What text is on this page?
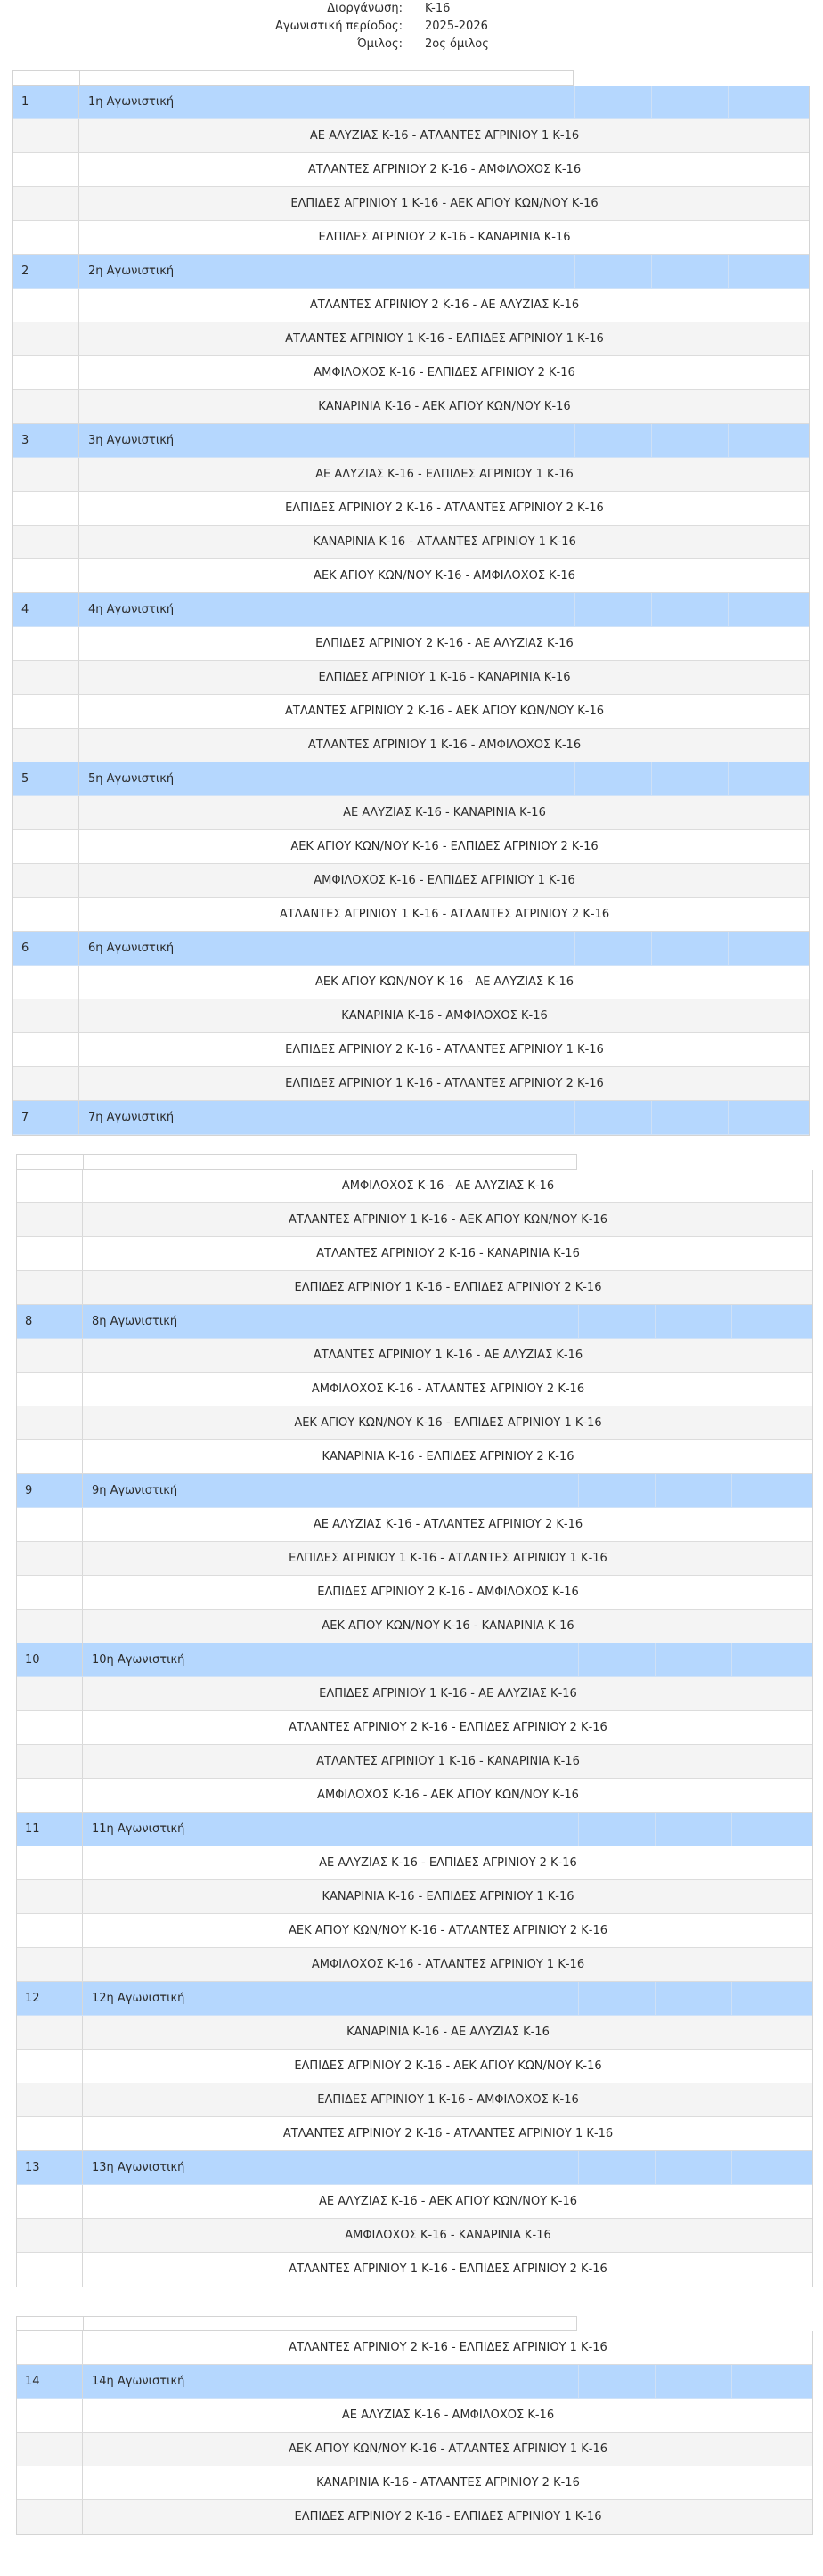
Διοργάνωση: K-16
Αγωνιστική περίοδος: 2025-2026
Όμιλος: 2ος όμιλος
1	1η Αγωνιστική
ΑΕ ΑΛΥΖΙΑΣ Κ-16 - ΑΤΛΑΝΤΕΣ ΑΓΡΙΝΙΟΥ 1 Κ-16
ΑΤΛΑΝΤΕΣ ΑΓΡΙΝΙΟΥ 2 Κ-16 - ΑΜΦΙΛΟΧΟΣ Κ-16
ΕΛΠΙΔΕΣ ΑΓΡΙΝΙΟΥ 1 Κ-16 - ΑΕΚ ΑΓΙΟΥ ΚΩΝ/ΝΟΥ Κ-16
ΕΛΠΙΔΕΣ ΑΓΡΙΝΙΟΥ 2 Κ-16 - ΚΑΝΑΡΙΝΙΑ Κ-16
2	2η Αγωνιστική
ΑΤΛΑΝΤΕΣ ΑΓΡΙΝΙΟΥ 2 Κ-16 - ΑΕ ΑΛΥΖΙΑΣ Κ-16
ΑΤΛΑΝΤΕΣ ΑΓΡΙΝΙΟΥ 1 Κ-16 - ΕΛΠΙΔΕΣ ΑΓΡΙΝΙΟΥ 1 Κ-16
ΑΜΦΙΛΟΧΟΣ Κ-16 - ΕΛΠΙΔΕΣ ΑΓΡΙΝΙΟΥ 2 Κ-16
ΚΑΝΑΡΙΝΙΑ Κ-16 - ΑΕΚ ΑΓΙΟΥ ΚΩΝ/ΝΟΥ Κ-16
3	3η Αγωνιστική
ΑΕ ΑΛΥΖΙΑΣ Κ-16 - ΕΛΠΙΔΕΣ ΑΓΡΙΝΙΟΥ 1 Κ-16
ΕΛΠΙΔΕΣ ΑΓΡΙΝΙΟΥ 2 Κ-16 - ΑΤΛΑΝΤΕΣ ΑΓΡΙΝΙΟΥ 2 Κ-16
ΚΑΝΑΡΙΝΙΑ Κ-16 - ΑΤΛΑΝΤΕΣ ΑΓΡΙΝΙΟΥ 1 Κ-16
ΑΕΚ ΑΓΙΟΥ ΚΩΝ/ΝΟΥ Κ-16 - ΑΜΦΙΛΟΧΟΣ Κ-16
4	4η Αγωνιστική
ΕΛΠΙΔΕΣ ΑΓΡΙΝΙΟΥ 2 Κ-16 - ΑΕ ΑΛΥΖΙΑΣ Κ-16
ΕΛΠΙΔΕΣ ΑΓΡΙΝΙΟΥ 1 Κ-16 - ΚΑΝΑΡΙΝΙΑ Κ-16
ΑΤΛΑΝΤΕΣ ΑΓΡΙΝΙΟΥ 2 Κ-16 - ΑΕΚ ΑΓΙΟΥ ΚΩΝ/ΝΟΥ Κ-16
ΑΤΛΑΝΤΕΣ ΑΓΡΙΝΙΟΥ 1 Κ-16 - ΑΜΦΙΛΟΧΟΣ Κ-16
5	5η Αγωνιστική
ΑΕ ΑΛΥΖΙΑΣ Κ-16 - ΚΑΝΑΡΙΝΙΑ Κ-16
ΑΕΚ ΑΓΙΟΥ ΚΩΝ/ΝΟΥ Κ-16 - ΕΛΠΙΔΕΣ ΑΓΡΙΝΙΟΥ 2 Κ-16
ΑΜΦΙΛΟΧΟΣ Κ-16 - ΕΛΠΙΔΕΣ ΑΓΡΙΝΙΟΥ 1 Κ-16
ΑΤΛΑΝΤΕΣ ΑΓΡΙΝΙΟΥ 1 Κ-16 - ΑΤΛΑΝΤΕΣ ΑΓΡΙΝΙΟΥ 2 Κ-16
6	6η Αγωνιστική
ΑΕΚ ΑΓΙΟΥ ΚΩΝ/ΝΟΥ Κ-16 - ΑΕ ΑΛΥΖΙΑΣ Κ-16
ΚΑΝΑΡΙΝΙΑ Κ-16 - ΑΜΦΙΛΟΧΟΣ Κ-16
ΕΛΠΙΔΕΣ ΑΓΡΙΝΙΟΥ 2 Κ-16 - ΑΤΛΑΝΤΕΣ ΑΓΡΙΝΙΟΥ 1 Κ-16
ΕΛΠΙΔΕΣ ΑΓΡΙΝΙΟΥ 1 Κ-16 - ΑΤΛΑΝΤΕΣ ΑΓΡΙΝΙΟΥ 2 Κ-16
7	7η Αγωνιστική
ΑΜΦΙΛΟΧΟΣ Κ-16 - ΑΕ ΑΛΥΖΙΑΣ Κ-16
ΑΤΛΑΝΤΕΣ ΑΓΡΙΝΙΟΥ 1 Κ-16 - ΑΕΚ ΑΓΙΟΥ ΚΩΝ/ΝΟΥ Κ-16
ΑΤΛΑΝΤΕΣ ΑΓΡΙΝΙΟΥ 2 Κ-16 - ΚΑΝΑΡΙΝΙΑ Κ-16
ΕΛΠΙΔΕΣ ΑΓΡΙΝΙΟΥ 1 Κ-16 - ΕΛΠΙΔΕΣ ΑΓΡΙΝΙΟΥ 2 Κ-16
8	8η Αγωνιστική
ΑΤΛΑΝΤΕΣ ΑΓΡΙΝΙΟΥ 1 Κ-16 - ΑΕ ΑΛΥΖΙΑΣ Κ-16
ΑΜΦΙΛΟΧΟΣ Κ-16 - ΑΤΛΑΝΤΕΣ ΑΓΡΙΝΙΟΥ 2 Κ-16
ΑΕΚ ΑΓΙΟΥ ΚΩΝ/ΝΟΥ Κ-16 - ΕΛΠΙΔΕΣ ΑΓΡΙΝΙΟΥ 1 Κ-16
ΚΑΝΑΡΙΝΙΑ Κ-16 - ΕΛΠΙΔΕΣ ΑΓΡΙΝΙΟΥ 2 Κ-16
9	9η Αγωνιστική
ΑΕ ΑΛΥΖΙΑΣ Κ-16 - ΑΤΛΑΝΤΕΣ ΑΓΡΙΝΙΟΥ 2 Κ-16
ΕΛΠΙΔΕΣ ΑΓΡΙΝΙΟΥ 1 Κ-16 - ΑΤΛΑΝΤΕΣ ΑΓΡΙΝΙΟΥ 1 Κ-16
ΕΛΠΙΔΕΣ ΑΓΡΙΝΙΟΥ 2 Κ-16 - ΑΜΦΙΛΟΧΟΣ Κ-16
ΑΕΚ ΑΓΙΟΥ ΚΩΝ/ΝΟΥ Κ-16 - ΚΑΝΑΡΙΝΙΑ Κ-16
10	10η Αγωνιστική
ΕΛΠΙΔΕΣ ΑΓΡΙΝΙΟΥ 1 Κ-16 - ΑΕ ΑΛΥΖΙΑΣ Κ-16
ΑΤΛΑΝΤΕΣ ΑΓΡΙΝΙΟΥ 2 Κ-16 - ΕΛΠΙΔΕΣ ΑΓΡΙΝΙΟΥ 2 Κ-16
ΑΤΛΑΝΤΕΣ ΑΓΡΙΝΙΟΥ 1 Κ-16 - ΚΑΝΑΡΙΝΙΑ Κ-16
ΑΜΦΙΛΟΧΟΣ Κ-16 - ΑΕΚ ΑΓΙΟΥ ΚΩΝ/ΝΟΥ Κ-16
11	11η Αγωνιστική
ΑΕ ΑΛΥΖΙΑΣ Κ-16 - ΕΛΠΙΔΕΣ ΑΓΡΙΝΙΟΥ 2 Κ-16
ΚΑΝΑΡΙΝΙΑ Κ-16 - ΕΛΠΙΔΕΣ ΑΓΡΙΝΙΟΥ 1 Κ-16
ΑΕΚ ΑΓΙΟΥ ΚΩΝ/ΝΟΥ Κ-16 - ΑΤΛΑΝΤΕΣ ΑΓΡΙΝΙΟΥ 2 Κ-16
ΑΜΦΙΛΟΧΟΣ Κ-16 - ΑΤΛΑΝΤΕΣ ΑΓΡΙΝΙΟΥ 1 Κ-16
12	12η Αγωνιστική
ΚΑΝΑΡΙΝΙΑ Κ-16 - ΑΕ ΑΛΥΖΙΑΣ Κ-16
ΕΛΠΙΔΕΣ ΑΓΡΙΝΙΟΥ 2 Κ-16 - ΑΕΚ ΑΓΙΟΥ ΚΩΝ/ΝΟΥ Κ-16
ΕΛΠΙΔΕΣ ΑΓΡΙΝΙΟΥ 1 Κ-16 - ΑΜΦΙΛΟΧΟΣ Κ-16
ΑΤΛΑΝΤΕΣ ΑΓΡΙΝΙΟΥ 2 Κ-16 - ΑΤΛΑΝΤΕΣ ΑΓΡΙΝΙΟΥ 1 Κ-16
13	13η Αγωνιστική
ΑΕ ΑΛΥΖΙΑΣ Κ-16 - ΑΕΚ ΑΓΙΟΥ ΚΩΝ/ΝΟΥ Κ-16
ΑΜΦΙΛΟΧΟΣ Κ-16 - ΚΑΝΑΡΙΝΙΑ Κ-16
ΑΤΛΑΝΤΕΣ ΑΓΡΙΝΙΟΥ 1 Κ-16 - ΕΛΠΙΔΕΣ ΑΓΡΙΝΙΟΥ 2 Κ-16
ΑΤΛΑΝΤΕΣ ΑΓΡΙΝΙΟΥ 2 Κ-16 - ΕΛΠΙΔΕΣ ΑΓΡΙΝΙΟΥ 1 Κ-16
14	14η Αγωνιστική
ΑΕ ΑΛΥΖΙΑΣ Κ-16 - ΑΜΦΙΛΟΧΟΣ Κ-16
ΑΕΚ ΑΓΙΟΥ ΚΩΝ/ΝΟΥ Κ-16 - ΑΤΛΑΝΤΕΣ ΑΓΡΙΝΙΟΥ 1 Κ-16
ΚΑΝΑΡΙΝΙΑ Κ-16 - ΑΤΛΑΝΤΕΣ ΑΓΡΙΝΙΟΥ 2 Κ-16
ΕΛΠΙΔΕΣ ΑΓΡΙΝΙΟΥ 2 Κ-16 - ΕΛΠΙΔΕΣ ΑΓΡΙΝΙΟΥ 1 Κ-16
